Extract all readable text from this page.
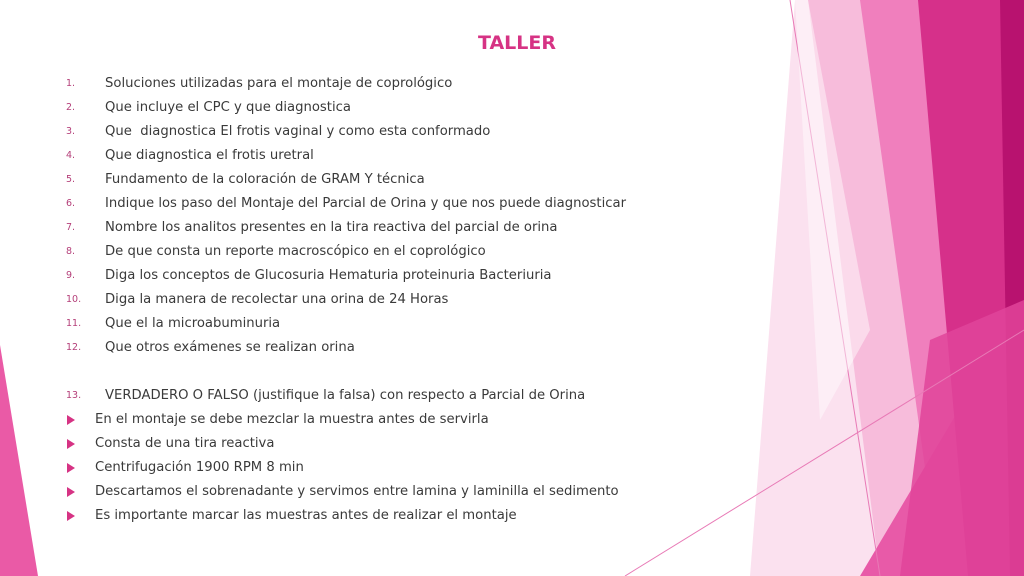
TALLER
1.	Soluciones utilizadas para el montaje de coprológico
2.	Que incluye el CPC y que diagnostica
3.	Que  diagnostica El frotis vaginal y como esta conformado
4.	Que diagnostica el frotis uretral
5.	Fundamento de la coloración de GRAM Y técnica
6.	Indique los paso del Montaje del Parcial de Orina y que nos puede diagnosticar
7.	Nombre los analitos presentes en la tira reactiva del parcial de orina
8.	De que consta un reporte macroscópico en el coprológico
9.	Diga los conceptos de Glucosuria Hematuria proteinuria Bacteriuria
10.	Diga la manera de recolectar una orina de 24 Horas
11.	Que el la microabuminuria
12.	Que otros exámenes se realizan orina
13.	VERDADERO O FALSO (justifique la falsa) con respecto a Parcial de Orina
En el montaje se debe mezclar la muestra antes de servirla
Consta de una tira reactiva
Centrifugación 1900 RPM 8 min
Descartamos el sobrenadante y servimos entre lamina y laminilla el sedimento
Es importante marcar las muestras antes de realizar el montaje
